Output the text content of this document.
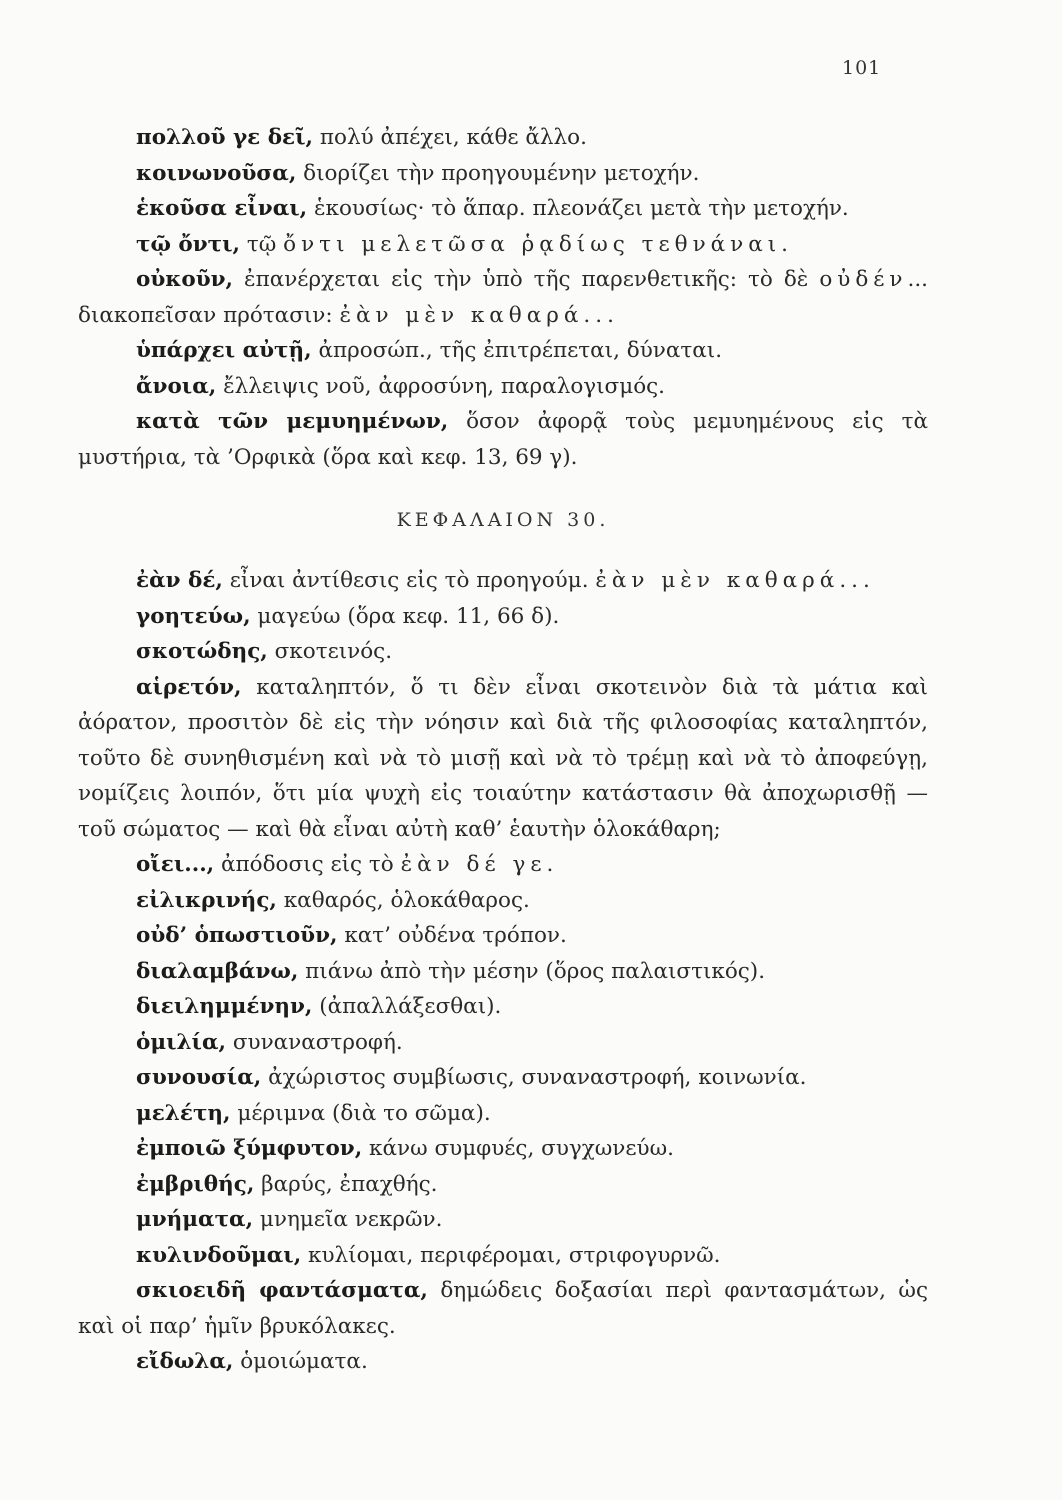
101

πολλοῦ γε δεῖ, πολύ ἀπέχει, κάθε ἄλλο.

κοινωνοῦσα, διορίζει τὴν προηγουμένην μετοχήν.

ἑκοῦσα εἶναι, ἑκουσίως· τὸ ἅπαρ. πλεονάζει μετὰ τὴν μετοχήν.

τῷ ὄντι, τῷ ὄντι μελετῶσα ῥᾳδίως τεθνάναι.

οὐκοῦν, ἐπανέρχεται εἰς τὴν ὑπὸ τῆς παρενθετικῆς: τὸ δὲ οὐδέν... διακοπεῖσαν πρότασιν: ἐὰν μὲν καθαρά...

ὑπάρχει αὐτῇ, ἀπροσώπ., τῆς ἐπιτρέπεται, δύναται.

ἄνοια, ἔλλειψις νοῦ, ἀφροσύνη, παραλογισμός.

κατὰ τῶν μεμυημένων, ὅσον ἀφορᾷ τοὺς μεμυημένους εἰς τὰ μυστήρια, τὰ ’Ορφικὰ (ὅρα καὶ κεφ. 13, 69 γ).

ΚΕΦΑΛΑΙΟΝ 30.

ἐὰν δέ, εἶναι ἀντίθεσις εἰς τὸ προηγούμ. ἐὰν μὲν καθαρά...

γοητεύω, μαγεύω (ὅρα κεφ. 11, 66 δ).

σκοτώδης, σκοτεινός.

αἱρετόν, καταληπτόν, ὅ τι δὲν εἶναι σκοτεινὸν διὰ τὰ μάτια καὶ ἀόρατον, προσιτὸν δὲ εἰς τὴν νόησιν καὶ διὰ τῆς φιλοσοφίας καταληπτόν, τοῦτο δὲ συνηθισμένη καὶ νὰ τὸ μισῇ καὶ νὰ τὸ τρέμῃ καὶ νὰ τὸ ἀποφεύγῃ, νομίζεις λοιπόν, ὅτι μία ψυχὴ εἰς τοιαύτην κατάστασιν θὰ ἀποχωρισθῇ — τοῦ σώματος — καὶ θὰ εἶναι αὐτὴ καθ’ ἑαυτὴν ὁλοκάθαρη;

οἴει..., ἀπόδοσις εἰς τὸ ἐὰν δέ γε.

εἰλικρινής, καθαρός, ὁλοκάθαρος.

οὐδ’ ὁπωστιοῦν, κατ’ οὐδένα τρόπον.

διαλαμβάνω, πιάνω ἀπὸ τὴν μέσην (ὅρος παλαιστικός).

διειλημμένην, (ἀπαλλάξεσθαι).

ὁμιλία, συναναστροφή.

συνουσία, ἀχώριστος συμβίωσις, συναναστροφή, κοινωνία.

μελέτη, μέριμνα (διὰ το σῶμα).

ἐμποιῶ ξύμφυτον, κάνω συμφυές, συγχωνεύω.

ἐμβριθής, βαρύς, ἐπαχθής.

μνήματα, μνημεῖα νεκρῶν.

κυλινδοῦμαι, κυλίομαι, περιφέρομαι, στριφογυρνῶ.

σκιοειδῆ φαντάσματα, δημώδεις δοξασίαι περὶ φαντασμάτων, ὡς καὶ οἱ παρ’ ἡμῖν βρυκόλακες.

εἴδωλα, ὁμοιώματα.
